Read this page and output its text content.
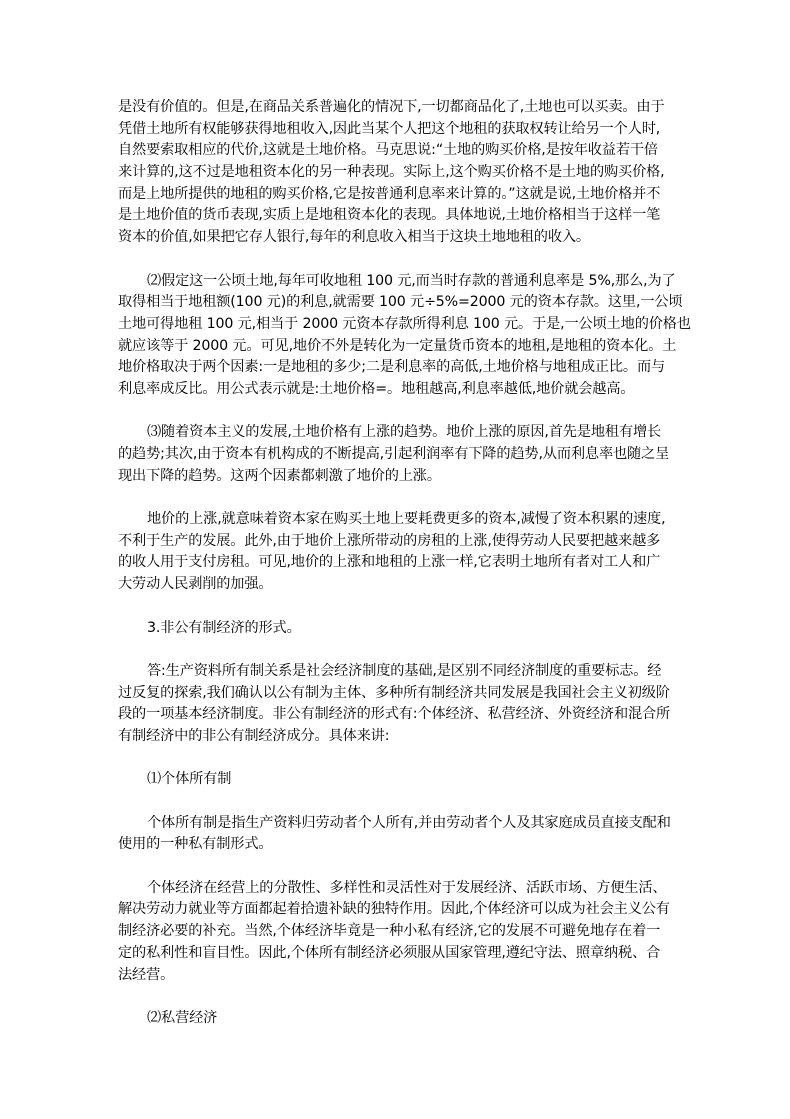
是没有价值的。但是,在商品关系普遍化的情况下,一切都商品化了,土地也可以买卖。由于
凭借土地所有权能够获得地租收入,因此当某个人把这个地租的获取权转让给另一个人时,
自然要索取相应的代价,这就是土地价格。马克思说:“土地的购买价格,是按年收益若干倍
来计算的,这不过是地租资本化的另一种表现。实际上,这个购买价格不是土地的购买价格,
而是上地所提供的地租的购买价格,它是按普通利息率来计算的。”这就是说,土地价格并不
是土地价值的货币表现,实质上是地租资本化的表现。具体地说,土地价格相当于这样一笔
资本的价值,如果把它存人银行,每年的利息收入相当于这块土地地租的收入。
⑵假定这一公顷土地,每年可收地租 100 元,而当时存款的普通利息率是 5%,那么,为了
取得相当于地租额(100 元)的利息,就需要 100 元÷5%=2000 元的资本存款。这里,一公顷
土地可得地租 100 元,相当于 2000 元资本存款所得利息 100 元。于是,一公顷土地的价格也
就应该等于 2000 元。可见,地价不外是转化为一定量货币资本的地租,是地租的资本化。土
地价格取决于两个因素:一是地租的多少;二是利息率的高低,土地价格与地租成正比。而与
利息率成反比。用公式表示就是:土地价格=。地租越高,利息率越低,地价就会越高。
⑶随着资本主义的发展,土地价格有上涨的趋势。地价上涨的原因,首先是地租有增长
的趋势;其次,由于资本有机构成的不断提高,引起利润率有下降的趋势,从而利息率也随之呈
现出下降的趋势。这两个因素都刺激了地价的上涨。
地价的上涨,就意味着资本家在购买土地上要耗费更多的资本,减慢了资本积累的速度,
不利于生产的发展。此外,由于地价上涨所带动的房租的上涨,使得劳动人民要把越来越多
的收人用于支付房租。可见,地价的上涨和地租的上涨一样,它表明土地所有者对工人和广
大劳动人民剥削的加强。
3.非公有制经济的形式。
答:生产资料所有制关系是社会经济制度的基础,是区别不同经济制度的重要标志。经
过反复的探索,我们确认以公有制为主体、多种所有制经济共同发展是我国社会主义初级阶
段的一项基本经济制度。非公有制经济的形式有:个体经济、私营经济、外资经济和混合所
有制经济中的非公有制经济成分。具体来讲:
⑴个体所有制
个体所有制是指生产资料归劳动者个人所有,并由劳动者个人及其家庭成员直接支配和
使用的一种私有制形式。
个体经济在经营上的分散性、多样性和灵活性对于发展经济、活跃市场、方便生活、
解决劳动力就业等方面都起着拾遗补缺的独特作用。因此,个体经济可以成为社会主义公有
制经济必要的补充。当然,个体经济毕竟是一种小私有经济,它的发展不可避免地存在着一
定的私利性和盲目性。因此,个体所有制经济必须服从国家管理,遵纪守法、照章纳税、合
法经营。
⑵私营经济
